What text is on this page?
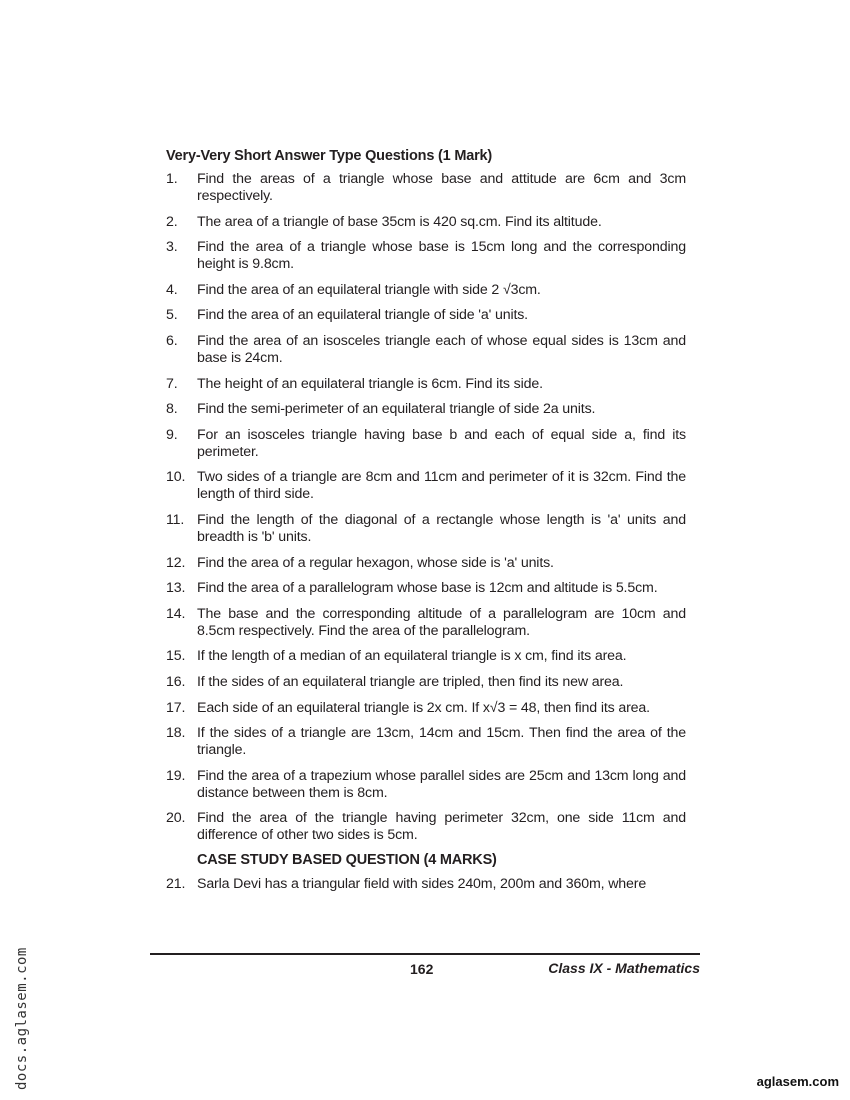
Very-Very Short Answer Type Questions (1 Mark)
1.	Find the areas of a triangle whose base and attitude are 6cm and 3cm respectively.
2.	The area of a triangle of base 35cm is 420 sq.cm. Find its altitude.
3.	Find the area of a triangle whose base is 15cm long and the corresponding height is 9.8cm.
4.	Find the area of an equilateral triangle with side 2 √3cm.
5.	Find the area of an equilateral triangle of side 'a' units.
6.	Find the area of an isosceles triangle each of whose equal sides is 13cm and base is 24cm.
7.	The height of an equilateral triangle is 6cm. Find its side.
8.	Find the semi-perimeter of an equilateral triangle of side 2a units.
9.	For an isosceles triangle having base b and each of equal side a, find its perimeter.
10. Two sides of a triangle are 8cm and 11cm and perimeter of it is 32cm. Find the length of third side.
11. Find the length of the diagonal of a rectangle whose length is 'a' units and breadth is 'b' units.
12. Find the area of a regular hexagon, whose side is 'a' units.
13. Find the area of a parallelogram whose base is 12cm and altitude is 5.5cm.
14. The base and the corresponding altitude of a parallelogram are 10cm and 8.5cm respectively. Find the area of the parallelogram.
15. If the length of a median of an equilateral triangle is x cm, find its area.
16. If the sides of an equilateral triangle are tripled, then find its new area.
17. Each side of an equilateral triangle is 2x cm. If x√3 = 48, then find its area.
18. If the sides of a triangle are 13cm, 14cm and 15cm. Then find the area of the triangle.
19. Find the area of a trapezium whose parallel sides are 25cm and 13cm long and distance between them is 8cm.
20. Find the area of the triangle having perimeter 32cm, one side 11cm and difference of other two sides is 5cm.
CASE STUDY BASED QUESTION (4 MARKS)
21. Sarla Devi has a triangular field with sides 240m, 200m and 360m, where
162	Class IX - Mathematics
docs.aglasem.com	aglasem.com
